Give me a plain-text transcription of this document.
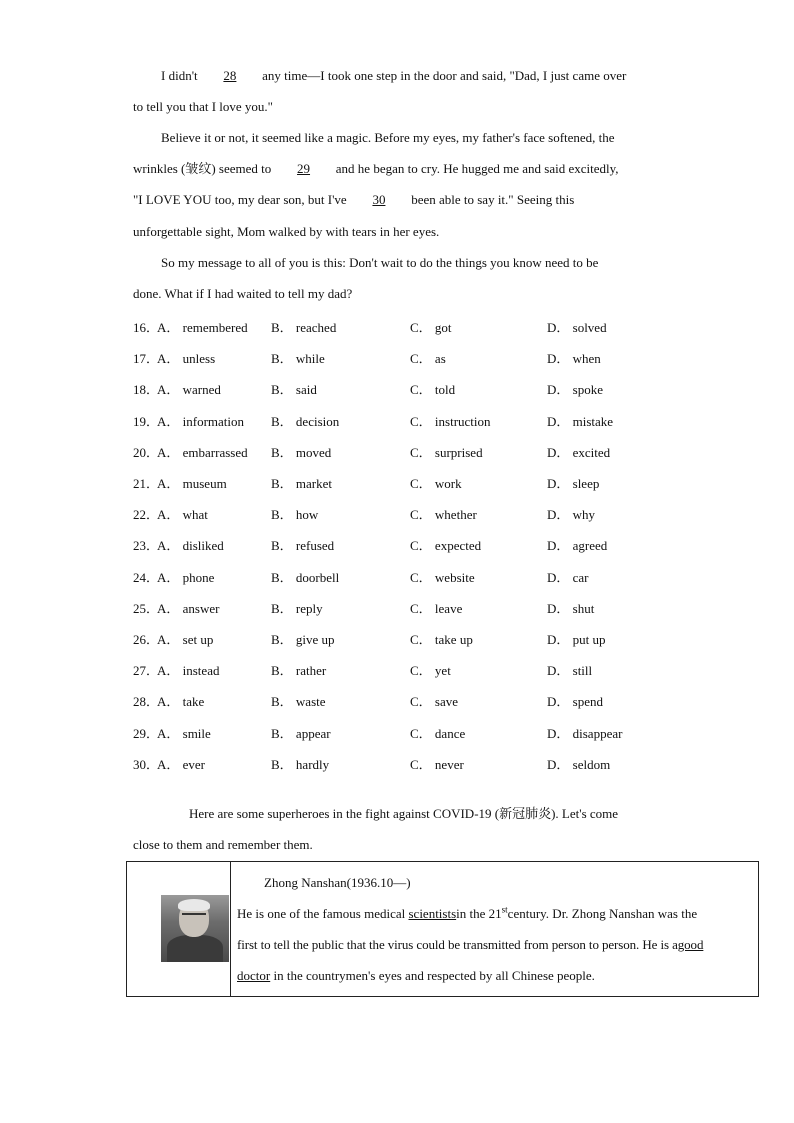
I didn't 28 any time—I took one step in the door and said, "Dad, I just came over
to tell you that I love you."
Believe it or not, it seemed like a magic. Before my eyes, my father's face softened, the
wrinkles (皱纹) seemed to 29 and he began to cry. He hugged me and said excitedly,
"I LOVE YOU too, my dear son, but I've 30 been able to say it." Seeing this
unforgettable sight, Mom walked by with tears in her eyes.
So my message to all of you is this: Don't wait to do the things you know need to be
done. What if I had waited to tell my dad?
16．
A． remembered B． reached	C． got	D． solved
17．
A． unless	B． while	C． as	D． when
18．
A． warned	B． said	C． told	D． spoke
19．
A． information B． decision	C． instruction	D． mistake
20．
A． embarrassed B． moved	C． surprised	D． excited
21．
A． museum	B． market	C． work	D． sleep
22．
A． what	B． how	C． whether	D． why
23．
A． disliked	B． refused	C． expected	D． agreed
24．
A． phone	B． doorbell	C． website	D． car
25．
A． answer	B． reply	C． leave	D． shut
26．
A． set up	B． give up	C． take up	D． put up
27．
A． instead	B． rather	C． yet	D． still
28．
A． take	B． waste	C． save	D． spend
29．
A． smile	B． appear	C． dance	D． disappear
30．
A． ever	B． hardly	C． never	D． seldom
Here are some superheroes in the fight against COVID-19 (新冠肺炎). Let's come
close to them and remember them.

Zhong Nanshan(1936.10—)
He is one of the famous medical scientistsin the 21stcentury. Dr. Zhong Nanshan was the
first to tell the public that the virus could be transmitted from person to person. He is agood
doctor in the countrymen's eyes and respected by all Chinese people.
